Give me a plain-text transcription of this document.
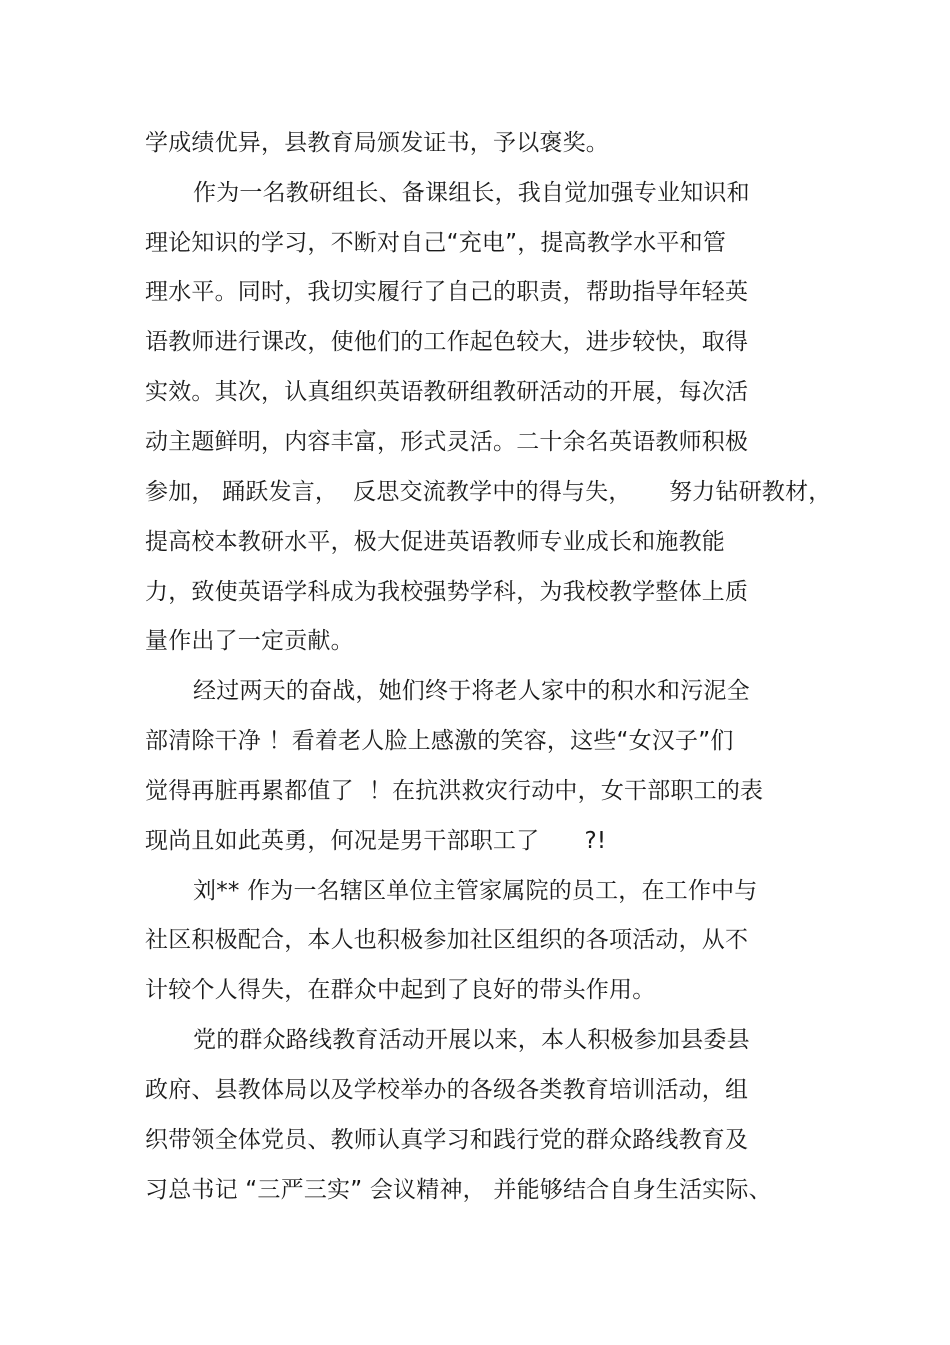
学成绩优异，县教育局颁发证书，予以褒奖。
作为一名教研组长、备课组长，我自觉加强专业知识和
理论知识的学习，不断对自己“充电”，提高教学水平和管
理水平。同时，我切实履行了自己的职责，帮助指导年轻英
语教师进行课改，使他们的工作起色较大，进步较快，取得
实效。其次，认真组织英语教研组教研活动的开展，每次活
动主题鲜明，内容丰富，形式灵活。二十余名英语教师积极
参加， 踊跃发言，  反思交流教学中的得与失，     努力钻研教材，
提高校本教研水平，极大促进英语教师专业成长和施教能
力，致使英语学科成为我校强势学科，为我校教学整体上质
量作出了一定贡献。
经过两天的奋战，她们终于将老人家中的积水和污泥全
部清除干净 ！看着老人脸上感激的笑容，这些“女汉子”们
觉得再脏再累都值了  ！在抗洪救灾行动中，女干部职工的表
现尚且如此英勇，何况是男干部职工了      ?!
刘** 作为一名辖区单位主管家属院的员工，在工作中与
社区积极配合，本人也积极参加社区组织的各项活动，从不
计较个人得失，在群众中起到了良好的带头作用。
党的群众路线教育活动开展以来，本人积极参加县委县
政府、县教体局以及学校举办的各级各类教育培训活动，组
织带领全体党员、教师认真学习和践行党的群众路线教育及
习总书记 “三严三实” 会议精神， 并能够结合自身生活实际、
